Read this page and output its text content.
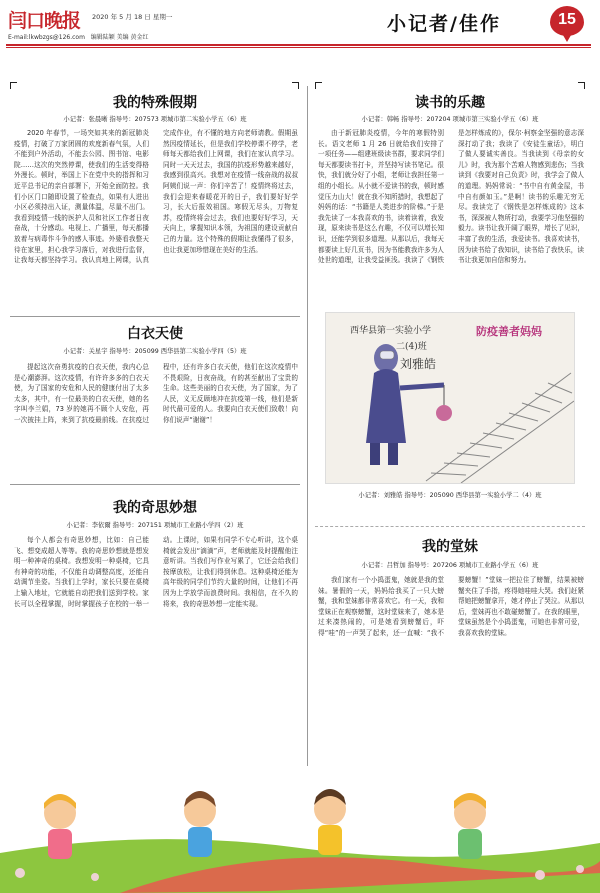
闫口晚报 2020 年 5 月 18 日 星期一
E-mail:lkwbzgs@126.com 编辑陆颖 美编 黄金红
小记者/佳作	15
我的特殊假期
小记者：张晨晰 指导号：207573 项城市第二实验小学五（6）班
2020 年春节，一场突如其来的新冠肺炎疫情，打破了万家团圆的欢度新春气氛，人们不能到户外活动，不能去公园、图书馆、电影院……这次的突然停课，使我们的生活变得格外漫长。顿时，举国上下在党中央的指挥和习近平总书记的亲自部署下，开始全面防控。我们小区门口随即设置了检查点，如果有人进出小区必须持出入证，测量体温，尽量不出门。我看到疫情一线的医护人员和社区工作者日夜奋战，十分感动。电视上、广播里，每天都播放着与病毒作斗争的感人事迹。外婆看我整天待在家里，担心我学习落后，对我进行监督，让我每天都坚持学习。我认真地上网课，认真完成作业，有不懂的地方向老师请教。假期虽然因疫情延长，但是我们学校停课不停学，老师每天都给我们上网课，我们在家认真学习。同时一天天过去，我国的抗疫形势越来越好，我感到很高兴。我想对在疫情一线奋战的叔叔阿姨们说一声：你们辛苦了！疫情终将过去，我们会迎来春暖花开的日子，我们要好好学习，长大后报效祖国。寒假无尽头，万物复苏，疫情终将会过去，我们也要好好学习，天天向上，掌握知识本领，为祖国的建设贡献自己的力量。这个特殊的假期让我懂得了很多，也让我更加珍惜现在美好的生活。
白衣天使
小记者：关星宇 指导号：205099 西华县第二实验小学四（5）班
提起这次奋勇抗疫的白衣天使，我内心总是心潮澎湃。这次疫情，有许许多多的白衣天使，为了国家的安危和人民的健康付出了太多太多，其中，有一位最美的白衣天使，她的名字叫李兰娟，73 岁的她再不顾个人安危，再一次披挂上阵，来到了抗疫最前线。在抗疫过程中，还有许多白衣天使，他们在这次疫情中不畏艰险，日夜奋战，有的甚至献出了宝贵的生命。这些美丽的白衣天使，为了国家，为了人民，义无反顾地冲在抗疫第一线，他们是新时代最可爱的人。我要向白衣天使们致敬！向你们说声“谢谢”！
我的奇思妙想
小记者：李依爾 指导号：207151 项城市工业路小学四（2）班
每个人都会有奇思妙想，比如：自己能飞、想变成超人等等。我的奇思妙想就是想发明一种神奇的桌椅。我想发明一种桌椅，它具有神奇的功能，不仅能自动调整高度，还能自动调节坐姿。当我们上学时，家长只要在桌椅上输入地址，它就能自动把我们送到学校。家长可以全程掌握，时时掌握孩子在校的一举一动。上课时，如果有同学不专心听讲，这个桌椅就会发出“滴滴”声，老师就能及时提醒他注意听讲。当我们写作业写累了，它还会给我们按摩放松，让我们得到休息。这种桌椅还能为高年级的同学们节约大量的时间，让他们不再因为上学放学而浪费时间。我相信，在不久的将来，我的奇思妙想一定能实现。
读书的乐趣
小记者：韩畅 指导号：207204 项城市第三实验小学五（6）班
由于新冠肺炎疫情，今年的寒假特别长。语文老师 1 月 26 日就给我们安排了一项任务——组建班级读书群，要求同学们每天都要读书打卡，并坚持写读书笔记。很快，我们就分好了小组，老师让我担任第一组的小组长。从小就不爱读书的我，顿时感觉压力山大！就在我不知所措时，我想起了妈妈的话：“书籍是人类进步的阶梯。”于是我先读了一本我喜欢的书，读着读着，我发现，原来读书是这么有趣，不仅可以增长知识，还能学到很多道理。从那以后，我每天都要读上好几页书，因为书能教我许多为人处世的道理，让我受益匪浅。我读了《钢铁是怎样炼成的》，保尔·柯察金坚强的意志深深打动了我；我读了《安徒生童话》，明白了做人要诚实善良。当我读到《母亲的女儿》时，我为那个苦难人物感到悲伤；当我读到《我要对自己负责》时，我学会了做人的道理。妈妈常说：“书中自有黄金屋，书中自有颜如玉。”是啊！读书的乐趣无穷无尽。我读完了《钢铁是怎样炼成的》这本书，深深被人物所打动，我要学习他坚强的毅力。读书让我开阔了眼界，增长了见识，丰富了我的生活，我爱读书。我喜欢读书，因为读书给了我知识，读书给了我快乐，读书让我更加自信和努力。
西华县第一实验小学
二(4)班
刘雅皓
防疫善者妈妈
小记者：刘雅皓 指导号：205090 西华县第一实验小学二（4）班
我的堂妹
小记者：吕哲加 指导号：207206 项城市工业路小学五（6）班
我们家有一个小捣蛋鬼，她就是我的堂妹。暑假的一天，妈妈给我买了一只大螃蟹，我和堂妹都非常喜欢它。有一天，我和堂妹正在观察螃蟹，这时堂妹来了，她本是过来凑热闹的，可是她看到螃蟹后，吓得“哇”的一声哭了起来，还一直喊：“我不要螃蟹！”堂妹一把拉住了螃蟹，结果被螃蟹夹住了手指，疼得她哇哇大哭。我们赶紧帮她把螃蟹拿开，她才停止了哭泣。从那以后，堂妹再也不敢碰螃蟹了。在我的眼里，堂妹虽然是个小捣蛋鬼，可她也非常可爱，我喜欢我的堂妹。
